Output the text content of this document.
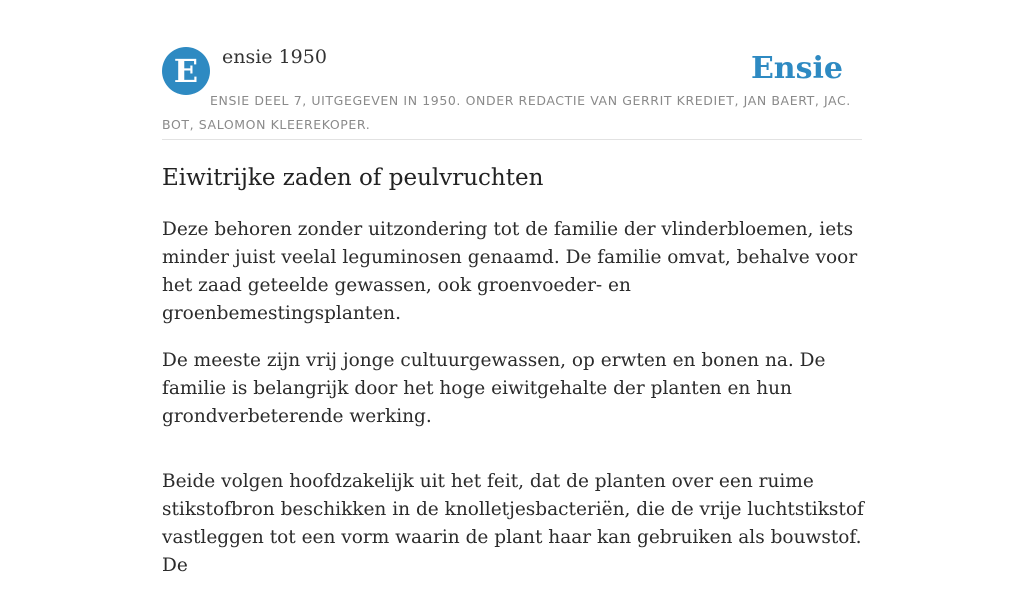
E	ensie 1950	Ensie
ENSIE DEEL 7, UITGEGEVEN IN 1950. ONDER REDACTIE VAN GERRIT KREDIET, JAN BAERT, JAC. BOT, SALOMON KLEEREKOPER.
Eiwitrijke zaden of peulvruchten

Deze behoren zonder uitzondering tot de familie der vlinderbloemen, iets minder juist veelal leguminosen genaamd. De familie omvat, behalve voor het zaad geteelde gewassen, ook groenvoeder- en groenbemestingsplanten.

De meeste zijn vrij jonge cultuurgewassen, op erwten en bonen na. De familie is belangrijk door het hoge eiwitgehalte der planten en hun grondverbeterende werking.

Beide volgen hoofdzakelijk uit het feit, dat de planten over een ruime stikstofbron beschikken in de knolletjesbacteriën, die de vrije luchtstikstof vastleggen tot een vorm waarin de plant haar kan gebruiken als bouwstof. De
